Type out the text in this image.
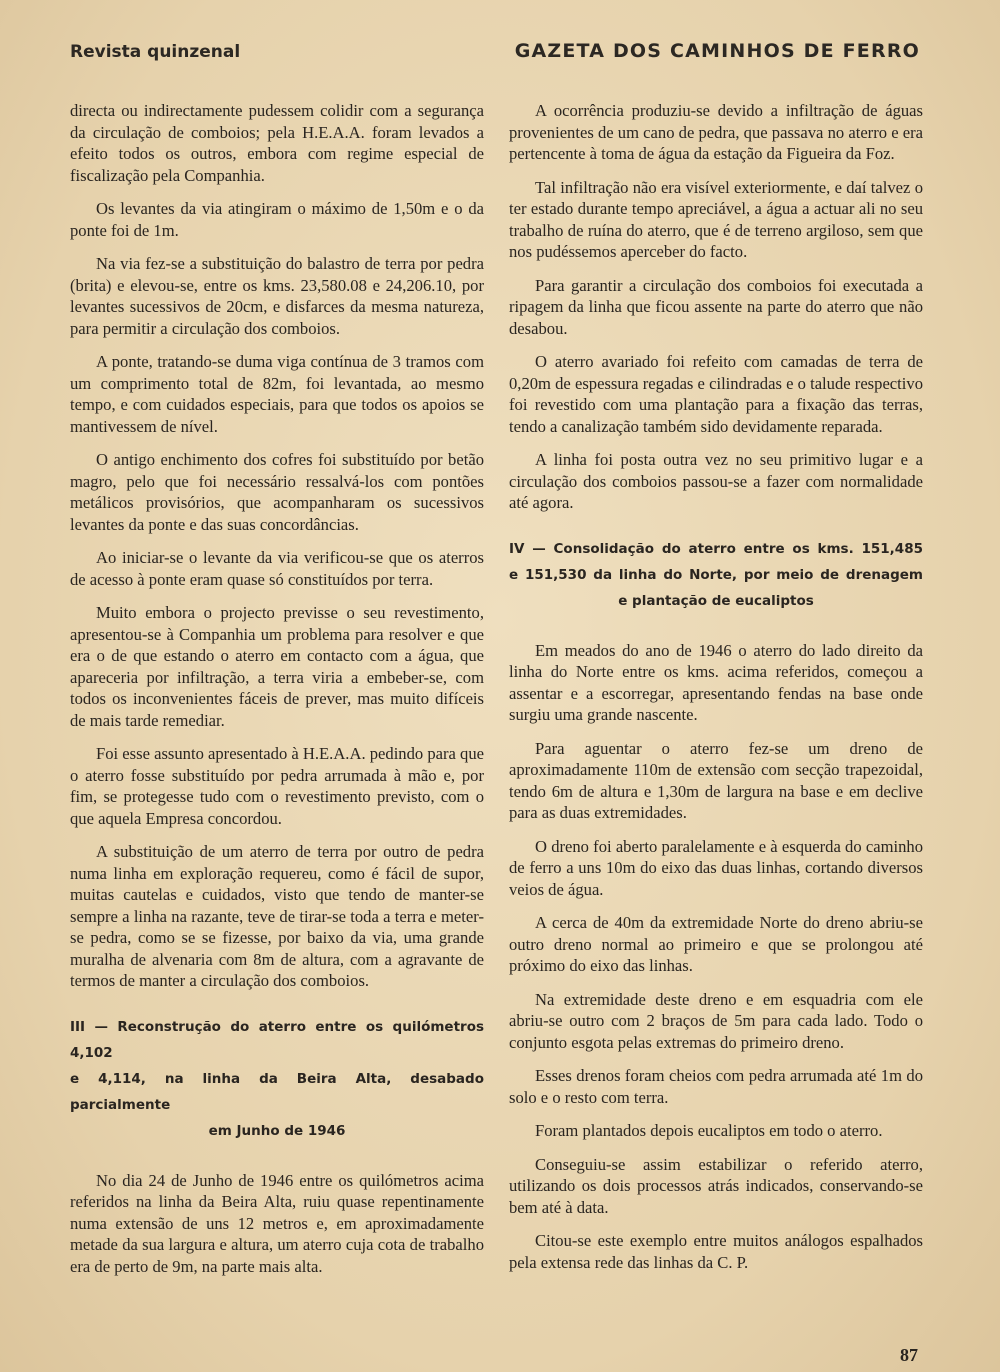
Revista quinzenal	GAZETA DOS CAMINHOS DE FERRO

directa ou indirectamente pudessem colidir com a segurança da circulação de comboios; pela H.E.A.A. foram levados a efeito todos os outros, embora com regime especial de fiscalização pela Companhia.

Os levantes da via atingiram o máximo de 1,50m e o da ponte foi de 1m.

Na via fez-se a substituição do balastro de terra por pedra (brita) e elevou-se, entre os kms. 23,580.08 e 24,206.10, por levantes sucessivos de 20cm, e disfarces da mesma natureza, para permitir a circulação dos comboios.

A ponte, tratando-se duma viga contínua de 3 tramos com um comprimento total de 82m, foi levantada, ao mesmo tempo, e com cuidados especiais, para que todos os apoios se mantivessem de nível.

O antigo enchimento dos cofres foi substituído por betão magro, pelo que foi necessário ressalvá-los com pontões metálicos provisórios, que acompanharam os sucessivos levantes da ponte e das suas concordâncias.

Ao iniciar-se o levante da via verificou-se que os aterros de acesso à ponte eram quase só constituídos por terra.

Muito embora o projecto previsse o seu revestimento, apresentou-se à Companhia um problema para resolver e que era o de que estando o aterro em contacto com a água, que apareceria por infiltração, a terra viria a embeber-se, com todos os inconvenientes fáceis de prever, mas muito difíceis de mais tarde remediar.

Foi esse assunto apresentado à H.E.A.A. pedindo para que o aterro fosse substituído por pedra arrumada à mão e, por fim, se protegesse tudo com o revestimento previsto, com o que aquela Empresa concordou.

A substituição de um aterro de terra por outro de pedra numa linha em exploração requereu, como é fácil de supor, muitas cautelas e cuidados, visto que tendo de manter-se sempre a linha na razante, teve de tirar-se toda a terra e meter-se pedra, como se se fizesse, por baixo da via, uma grande muralha de alvenaria com 8m de altura, com a agravante de termos de manter a circulação dos comboios.

III — Reconstrução do aterro entre os quilómetros 4,102
e 4,114, na linha da Beira Alta, desabado parcialmente
em Junho de 1946

No dia 24 de Junho de 1946 entre os quilómetros acima referidos na linha da Beira Alta, ruiu quase repentinamente numa extensão de uns 12 metros e, em aproximadamente metade da sua largura e altura, um aterro cuja cota de trabalho era de perto de 9m, na parte mais alta.

A ocorrência produziu-se devido a infiltração de águas provenientes de um cano de pedra, que passava no aterro e era pertencente à toma de água da estação da Figueira da Foz.

Tal infiltração não era visível exteriormente, e daí talvez o ter estado durante tempo apreciável, a água a actuar ali no seu trabalho de ruína do aterro, que é de terreno argiloso, sem que nos pudéssemos aperceber do facto.

Para garantir a circulação dos comboios foi executada a ripagem da linha que ficou assente na parte do aterro que não desabou.

O aterro avariado foi refeito com camadas de terra de 0,20m de espessura regadas e cilindradas e o talude respectivo foi revestido com uma plantação para a fixação das terras, tendo a canalização também sido devidamente reparada.

A linha foi posta outra vez no seu primitivo lugar e a circulação dos comboios passou-se a fazer com normalidade até agora.

IV — Consolidação do aterro entre os kms. 151,485
e 151,530 da linha do Norte, por meio de drenagem
e plantação de eucaliptos

Em meados do ano de 1946 o aterro do lado direito da linha do Norte entre os kms. acima referidos, começou a assentar e a escorregar, apresentando fendas na base onde surgiu uma grande nascente.

Para aguentar o aterro fez-se um dreno de aproximadamente 110m de extensão com secção trapezoidal, tendo 6m de altura e 1,30m de largura na base e em declive para as duas extremidades.

O dreno foi aberto paralelamente e à esquerda do caminho de ferro a uns 10m do eixo das duas linhas, cortando diversos veios de água.

A cerca de 40m da extremidade Norte do dreno abriu-se outro dreno normal ao primeiro e que se prolongou até próximo do eixo das linhas.

Na extremidade deste dreno e em esquadria com ele abriu-se outro com 2 braços de 5m para cada lado. Todo o conjunto esgota pelas extremas do primeiro dreno.

Esses drenos foram cheios com pedra arrumada até 1m do solo e o resto com terra.

Foram plantados depois eucaliptos em todo o aterro.

Conseguiu-se assim estabilizar o referido aterro, utilizando os dois processos atrás indicados, conservando-se bem até à data.

Citou-se este exemplo entre muitos análogos espalhados pela extensa rede das linhas da C. P.

87
